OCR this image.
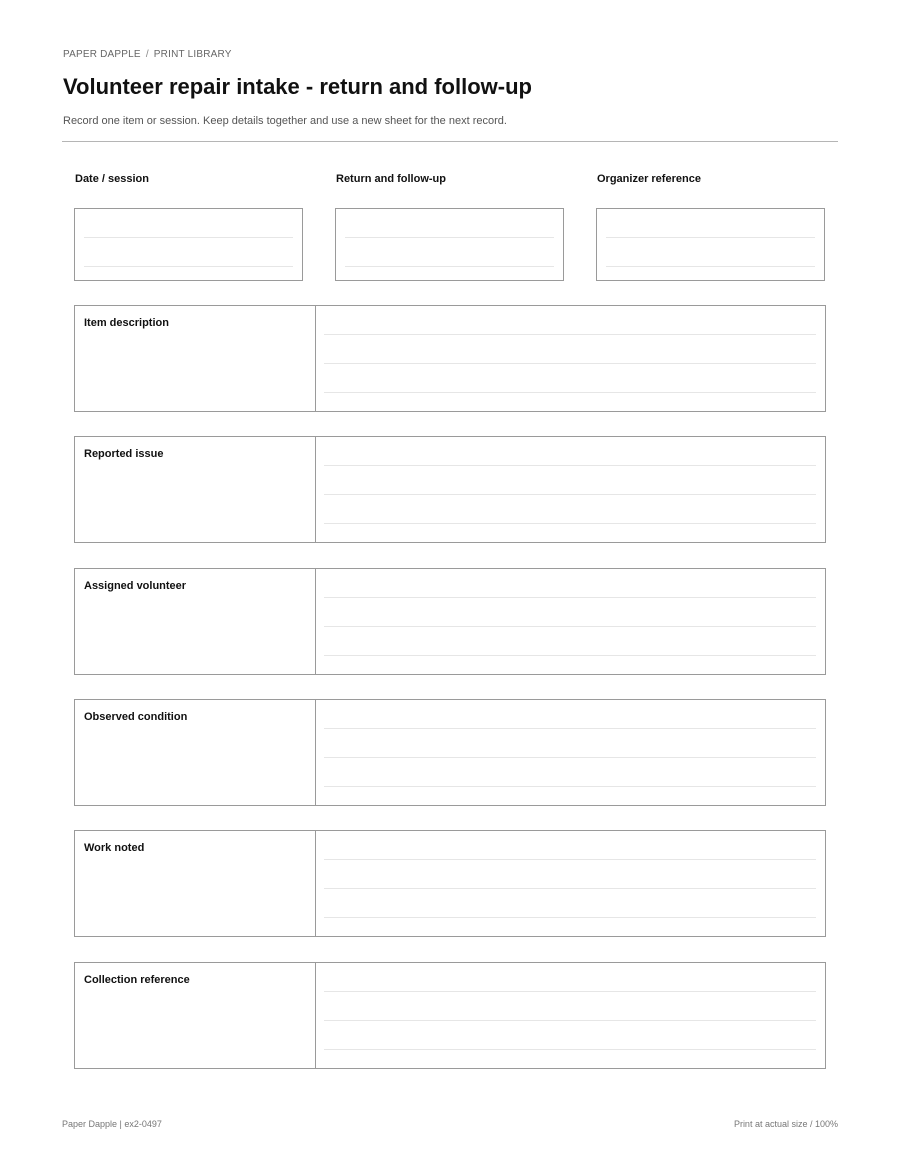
PAPER DAPPLE / PRINT LIBRARY
Volunteer repair intake - return and follow-up

Record one item or session. Keep details together and use a new sheet for the next record.

Date / session	Return and follow-up	Organizer reference
Item description
Reported issue
Assigned volunteer
Observed condition
Work noted
Collection reference
Paper Dapple | ex2-0497	Print at actual size / 100%
